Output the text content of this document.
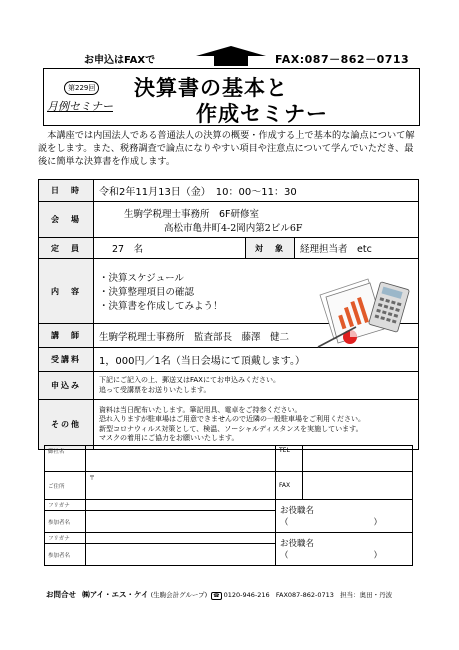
お申込はFAXで	FAX:087－862－0713
第229回
月例セミナー
決算書の基本と
作成セミナー
本講座では内国法人である普通法人の決算の概要・作成する上で基本的な論点について解説をします。また、税務調査で論点になりやすい項目や注意点について学んでいただき、最後に簡単な決算書を作成します。
日　時	令和2年11月13日（金）　10：00～11：30		
会　場	生駒学税理士事務所　6F研修室
高松市亀井町4-2岡内第2ビル6F		

定　員	27　名	対　象	経理担当者　etc
内　容	・決算スケジュール
・決算整理項目の確認
・決算書を作成してみよう！		

講　師	生駒学税理士事務所　監査部長　藤澤　健二		
受講料	1，000円／1名（当日会場にて頂戴します。）		
申込み	下記にご記入の上、郵送又はFAXにてお申込みください。
追って受講票をお送りいたします。		

その他	資料は当日配布いたします。筆記用具、電卓をご持参ください。
恐れ入りますが駐車場はご用意できませんので近隣の一般駐車場をご利用ください。
新型コロナウィルス対策として、検温、ソーシャルディスタンスを実施しています。
マスクの着用にご協力をお願いいたします。		
御社名		TEL	
ご住所	〒	FAX	
フリガナ		お役職名（　　　　　　　　　　）	
参加者名			
フリガナ		お役職名（　　　　　　　　　　）	
参加者名			
お問合せ ㈱アイ・エス・ケイ (生駒会計グループ) ☎ 0120-946-216 FAX087-862-0713 担当：奥田・丹波
